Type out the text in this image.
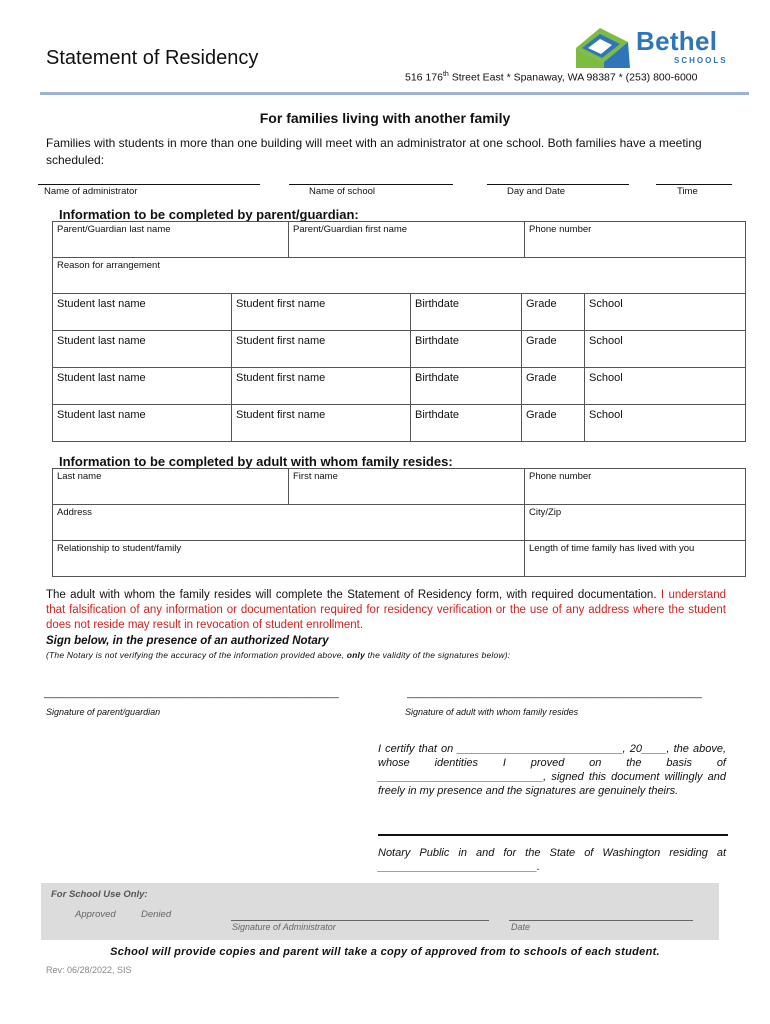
Statement of Residency
516 176th Street East * Spanaway, WA 98387 * (253) 800-6000
Bethel
SCHOOLS
For families living with another family
Families with students in more than one building will meet with an administrator at one school. Both families have a meeting scheduled:
Name of administrator	Name of school	Day and Date	Time
Information to be completed by parent/guardian:
Parent/Guardian last name	Parent/Guardian first name	Phone number
Reason for arrangement
Student last name	Student first name	Birthdate	Grade	School
Student last name	Student first name	Birthdate	Grade	School
Student last name	Student first name	Birthdate	Grade	School
Student last name	Student first name	Birthdate	Grade	School
Information to be completed by adult with whom family resides:
Last name	First name	Phone number
Address		City/Zip
Relationship to student/family		Length of time family has lived with you
The adult with whom the family resides will complete the Statement of Residency form, with required documentation. I understand that falsification of any information or documentation required for residency verification or the use of any address where the student does not reside may result in revocation of student enrollment.
Sign below, in the presence of an authorized Notary
(The Notary is not verifying the accuracy of the information provided above, only the validity of the signatures below):
_____________________________________________________
Signature of parent/guardian
_____________________________________________________
Signature of adult with whom family resides
I certify that on ___________________________, 20____, the above, whose identities I proved on the basis of ___________________________, signed this document willingly and freely in my presence and the signatures are genuinely theirs.
Notary Public in and for the State of Washington residing at __________________________.
For School Use Only:
Approved	Denied
Signature of Administrator	Date
School will provide copies and parent will take a copy of approved from to schools of each student.
Rev: 06/28/2022, SIS
